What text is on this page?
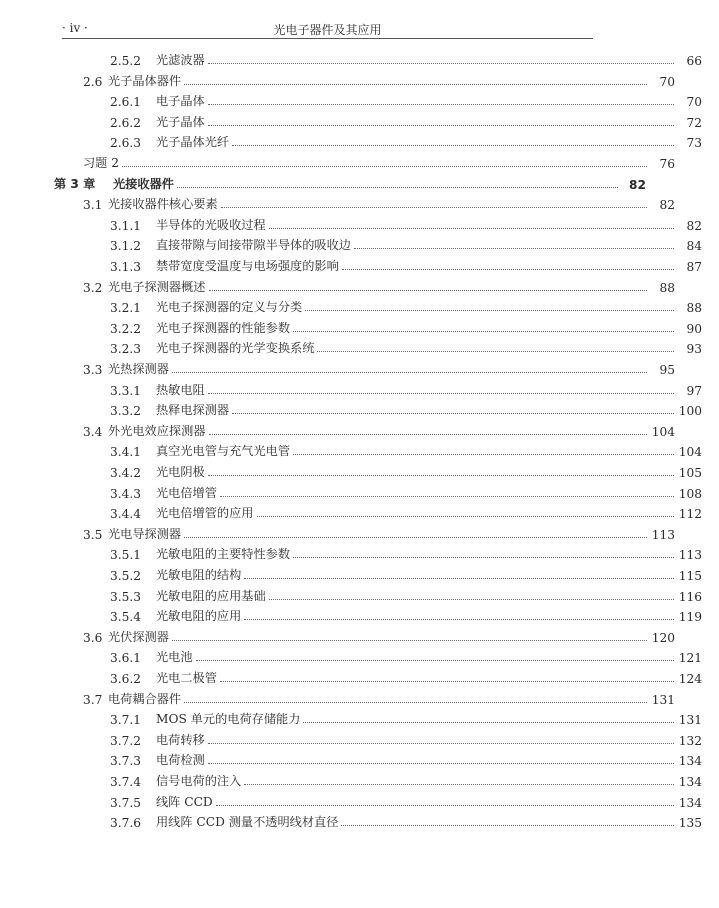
· iv ·	光电子器件及其应用
2.5.2	光滤波器	66
2.6 光子晶体器件	70
2.6.1	电子晶体	70
2.6.2	光子晶体	72
2.6.3	光子晶体光纤	73
习题 2	76
第 3 章	光接收器件	82
3.1 光接收器件核心要素	82
3.1.1	半导体的光吸收过程	82
3.1.2	直接带隙与间接带隙半导体的吸收边	84
3.1.3	禁带宽度受温度与电场强度的影响	87
3.2 光电子探测器概述	88
3.2.1	光电子探测器的定义与分类	88
3.2.2	光电子探测器的性能参数	90
3.2.3	光电子探测器的光学变换系统	93
3.3 光热探测器	95
3.3.1	热敏电阻	97
3.3.2	热释电探测器	100
3.4 外光电效应探测器	104
3.4.1	真空光电管与充气光电管	104
3.4.2	光电阴极	105
3.4.3	光电倍增管	108
3.4.4	光电倍增管的应用	112
3.5 光电导探测器	113
3.5.1	光敏电阻的主要特性参数	113
3.5.2	光敏电阻的结构	115
3.5.3	光敏电阻的应用基础	116
3.5.4	光敏电阻的应用	119
3.6 光伏探测器	120
3.6.1	光电池	121
3.6.2	光电二极管	124
3.7 电荷耦合器件	131
3.7.1	MOS 单元的电荷存储能力	131
3.7.2	电荷转移	132
3.7.3	电荷检测	134
3.7.4	信号电荷的注入	134
3.7.5	线阵 CCD	134
3.7.6	用线阵 CCD 测量不透明线材直径	135
